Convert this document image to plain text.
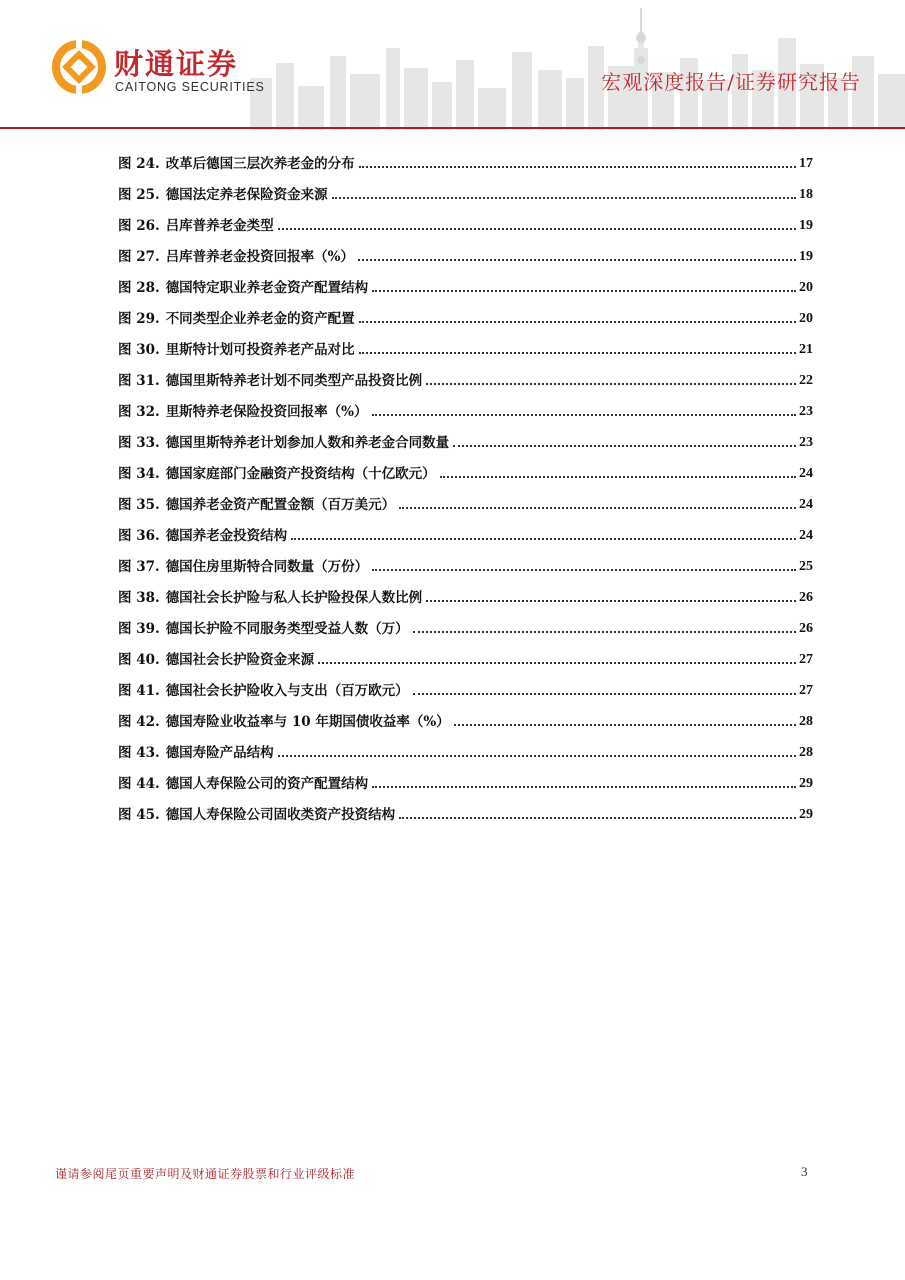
财通证券
CAITONG SECURITIES	宏观深度报告/证券研究报告
图 24. 改革后德国三层次养老金的分布	17
图 25. 德国法定养老保险资金来源	18
图 26. 吕库普养老金类型	19
图 27. 吕库普养老金投资回报率（%）	19
图 28. 德国特定职业养老金资产配置结构	20
图 29. 不同类型企业养老金的资产配置	20
图 30. 里斯特计划可投资养老产品对比	21
图 31. 德国里斯特养老计划不同类型产品投资比例	22
图 32. 里斯特养老保险投资回报率（%）	23
图 33. 德国里斯特养老计划参加人数和养老金合同数量	23
图 34. 德国家庭部门金融资产投资结构（十亿欧元）	24
图 35. 德国养老金资产配置金额（百万美元）	24
图 36. 德国养老金投资结构	24
图 37. 德国住房里斯特合同数量（万份）	25
图 38. 德国社会长护险与私人长护险投保人数比例	26
图 39. 德国长护险不同服务类型受益人数（万）	26
图 40. 德国社会长护险资金来源	27
图 41. 德国社会长护险收入与支出（百万欧元）	27
图 42. 德国寿险业收益率与 10 年期国债收益率（%）	28
图 43. 德国寿险产品结构	28
图 44. 德国人寿保险公司的资产配置结构	29
图 45. 德国人寿保险公司固收类资产投资结构	29
谨请参阅尾页重要声明及财通证券股票和行业评级标准	3
